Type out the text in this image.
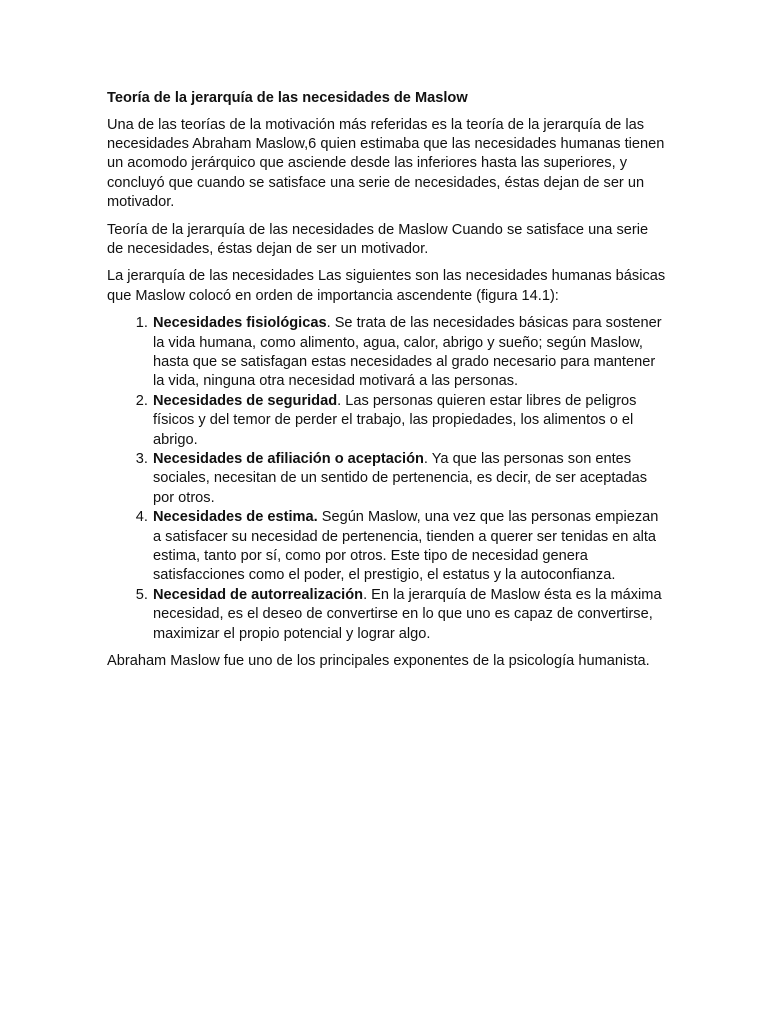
Teoría de la jerarquía de las necesidades de Maslow

Una de las teorías de la motivación más referidas es la teoría de la jerarquía de las necesidades Abraham Maslow,6 quien estimaba que las necesidades humanas tienen un acomodo jerárquico que asciende desde las inferiores hasta las superiores, y concluyó que cuando se satisface una serie de necesidades, éstas dejan de ser un motivador.

Teoría de la jerarquía de las necesidades de Maslow Cuando se satisface una serie de necesidades, éstas dejan de ser un motivador.

La jerarquía de las necesidades Las siguientes son las necesidades humanas básicas que Maslow colocó en orden de importancia ascendente (figura 14.1):

1. Necesidades fisiológicas. Se trata de las necesidades básicas para sostener la vida humana, como alimento, agua, calor, abrigo y sueño; según Maslow, hasta que se satisfagan estas necesidades al grado necesario para mantener la vida, ninguna otra necesidad motivará a las personas.
2. Necesidades de seguridad. Las personas quieren estar libres de peligros físicos y del temor de perder el trabajo, las propiedades, los alimentos o el abrigo.
3. Necesidades de afiliación o aceptación. Ya que las personas son entes sociales, necesitan de un sentido de pertenencia, es decir, de ser aceptadas por otros.
4. Necesidades de estima. Según Maslow, una vez que las personas empiezan a satisfacer su necesidad de pertenencia, tienden a querer ser tenidas en alta estima, tanto por sí, como por otros. Este tipo de necesidad genera satisfacciones como el poder, el prestigio, el estatus y la autoconfianza.
5. Necesidad de autorrealización. En la jerarquía de Maslow ésta es la máxima necesidad, es el deseo de convertirse en lo que uno es capaz de convertirse, maximizar el propio potencial y lograr algo.

Abraham Maslow fue uno de los principales exponentes de la psicología humanista.
